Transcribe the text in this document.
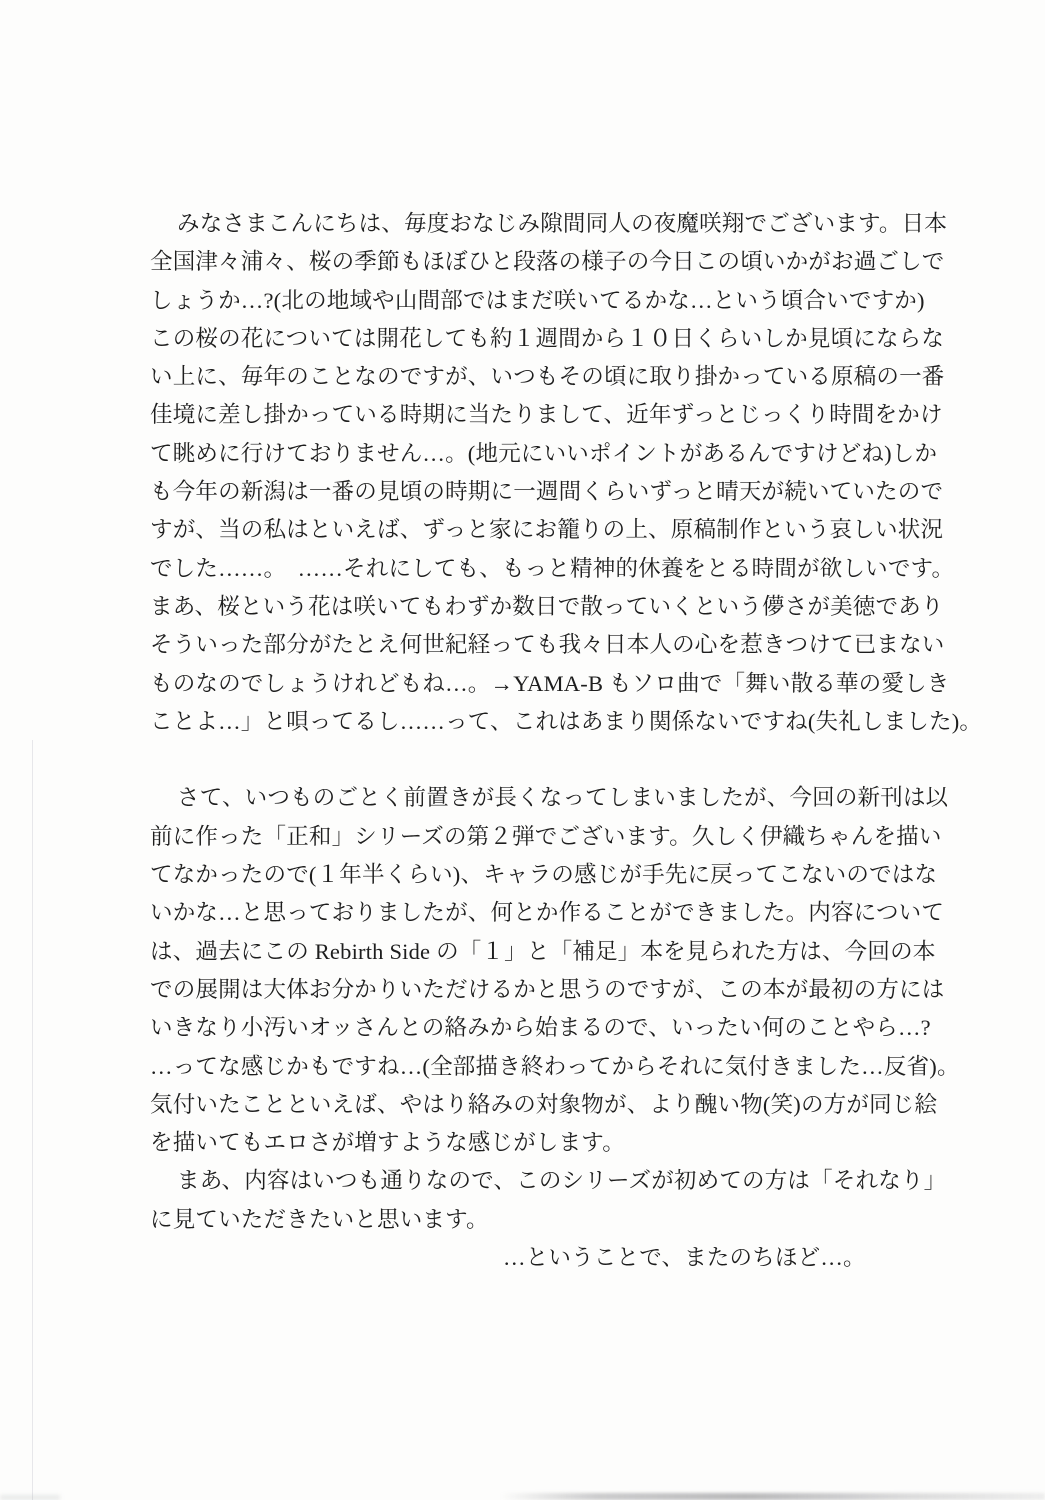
みなさまこんにちは、毎度おなじみ隙間同人の夜魔咲翔でございます。日本
全国津々浦々、桜の季節もほぼひと段落の様子の今日この頃いかがお過ごしで
しょうか…?(北の地域や山間部ではまだ咲いてるかな…という頃合いですか)
この桜の花については開花しても約１週間から１０日くらいしか見頃にならな
い上に、毎年のことなのですが、いつもその頃に取り掛かっている原稿の一番
佳境に差し掛かっている時期に当たりまして、近年ずっとじっくり時間をかけ
て眺めに行けておりません…。(地元にいいポイントがあるんですけどね)しか
も今年の新潟は一番の見頃の時期に一週間くらいずっと晴天が続いていたので
すが、当の私はといえば、ずっと家にお籠りの上、原稿制作という哀しい状況
でした……。　……それにしても、もっと精神的休養をとる時間が欲しいです。
まあ、桜という花は咲いてもわずか数日で散っていくという儚さが美徳であり
そういった部分がたとえ何世紀経っても我々日本人の心を惹きつけて已まない
ものなのでしょうけれどもね…。→YAMA-B もソロ曲で「舞い散る華の愛しき
ことよ…」と唄ってるし……って、これはあまり関係ないですね(失礼しました)。
さて、いつものごとく前置きが長くなってしまいましたが、今回の新刊は以
前に作った「正和」シリーズの第２弾でございます。久しく伊織ちゃんを描い
てなかったので(１年半くらい)、キャラの感じが手先に戻ってこないのではな
いかな…と思っておりましたが、何とか作ることができました。内容について
は、過去にこの Rebirth Side の「１」と「補足」本を見られた方は、今回の本
での展開は大体お分かりいただけるかと思うのですが、この本が最初の方には
いきなり小汚いオッさんとの絡みから始まるので、いったい何のことやら…?
…ってな感じかもですね…(全部描き終わってからそれに気付きました…反省)。
気付いたことといえば、やはり絡みの対象物が、より醜い物(笑)の方が同じ絵
を描いてもエロさが増すような感じがします。
まあ、内容はいつも通りなので、このシリーズが初めての方は「それなり」
に見ていただきたいと思います。
…ということで、またのちほど…。
